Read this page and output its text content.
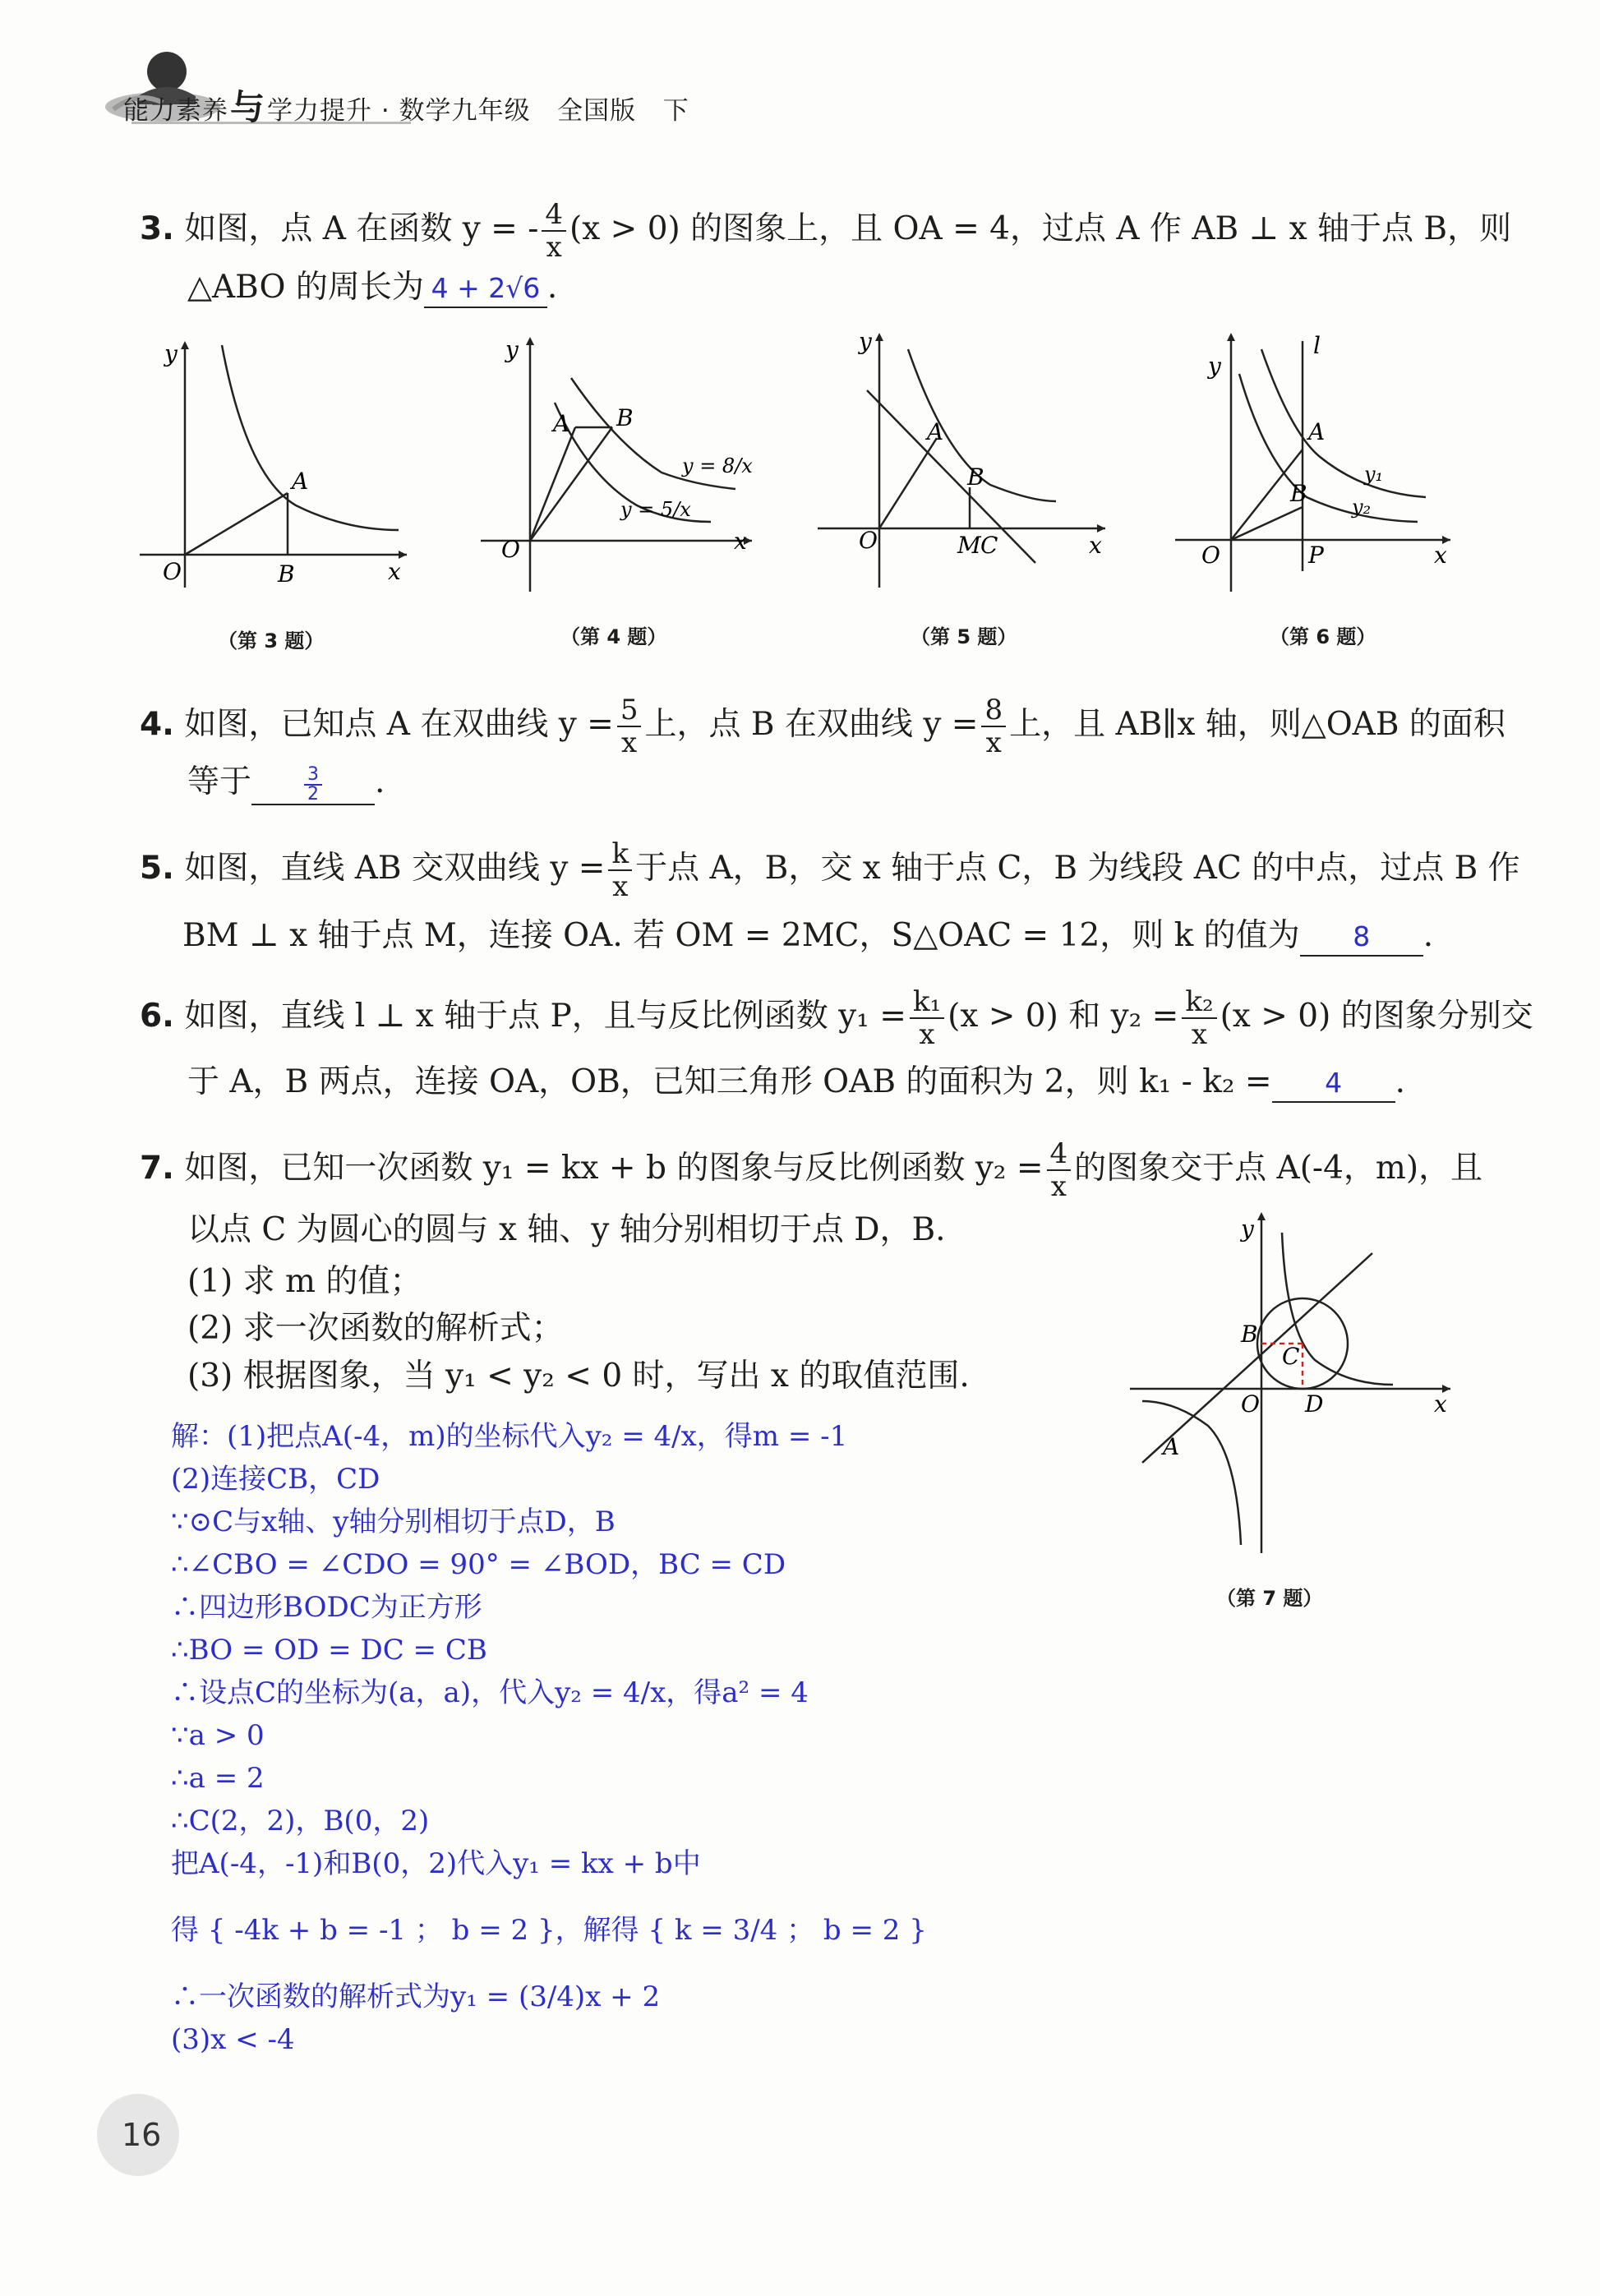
能力素养与学力提升 · 数学九年级 全国版 下
3. 如图，点 A 在函数 y = - $\frac{4}{x} (x > 0)$ 的图象上，且 OA = 4，过点 A 作 AB ⊥ x 轴于点 B，则
△ABO 的周长为 4 + 2√6 .
y
x
O
A
B
（第 3 题）
y
x
O
A B
y = 8/x
y = 5/x
（第 4 题）
y
x
O
A
B
M C
（第 5 题）
y
x
O
A
B
P
l
y₁
y₂
（第 6 题）
4. 如图，已知点 A 在双曲线 $y = \frac{5}{x}$ 上，点 B 在双曲线 $y = \frac{8}{x}$ 上，且 AB∥x 轴，则△OAB 的面积
等于	$\frac{3}{2}$ .
5. 如图，直线 AB 交双曲线 $y = \frac{k}{x}$ 于点 A，B，交 x 轴于点 C，B 为线段 AC 的中点，过点 B 作
BM ⊥ x 轴于点 M，连接 OA. 若 OM = 2MC，S△OAC = 12，则 k 的值为 8 .
6. 如图，直线 l ⊥ x 轴于点 P，且与反比例函数 $y_1 = \frac{\text{k₁}}{x} (x > 0)$ 和 $y_2 = \frac{\text{k₂}}{x} (x > 0)$ 的图象分别交
于 A，B 两点，连接 OA，OB，已知三角形 OAB 的面积为 2，则 k₁ - k₂ = 4 .
7. 如图，已知一次函数 y₁ = kx + b 的图象与反比例函数 $y_2 = \frac{4}{x}$ 的图象交于点 A(-4，m)，且
以点 C 为圆心的圆与 x 轴、y 轴分别相切于点 D，B.
(1) 求 m 的值；
(2) 求一次函数的解析式；
(3) 根据图象，当 y₁ < y₂ < 0 时，写出 x 的取值范围.
y
x
O
A
B
C
D
（第 7 题）
解：(1)把点A(-4，m)的坐标代入y₂ = 4/x，得m = -1
(2)连接CB，CD
∵⊙C与x轴、y轴分别相切于点D，B
∴∠CBO = ∠CDO = 90° = ∠BOD，BC = CD
∴四边形BODC为正方形
∴BO = OD = DC = CB
∴设点C的坐标为(a，a)，代入y₂ = 4/x，得a² = 4
∵a > 0
∴a = 2
∴C(2，2)，B(0，2)
把A(-4，-1)和B(0，2)代入y₁ = kx + b中
得 { -4k + b = -1 ； b = 2 }，解得 { k = 3/4 ； b = 2 }
∴一次函数的解析式为y₁ = (3/4)x + 2
(3)x < -4
16
